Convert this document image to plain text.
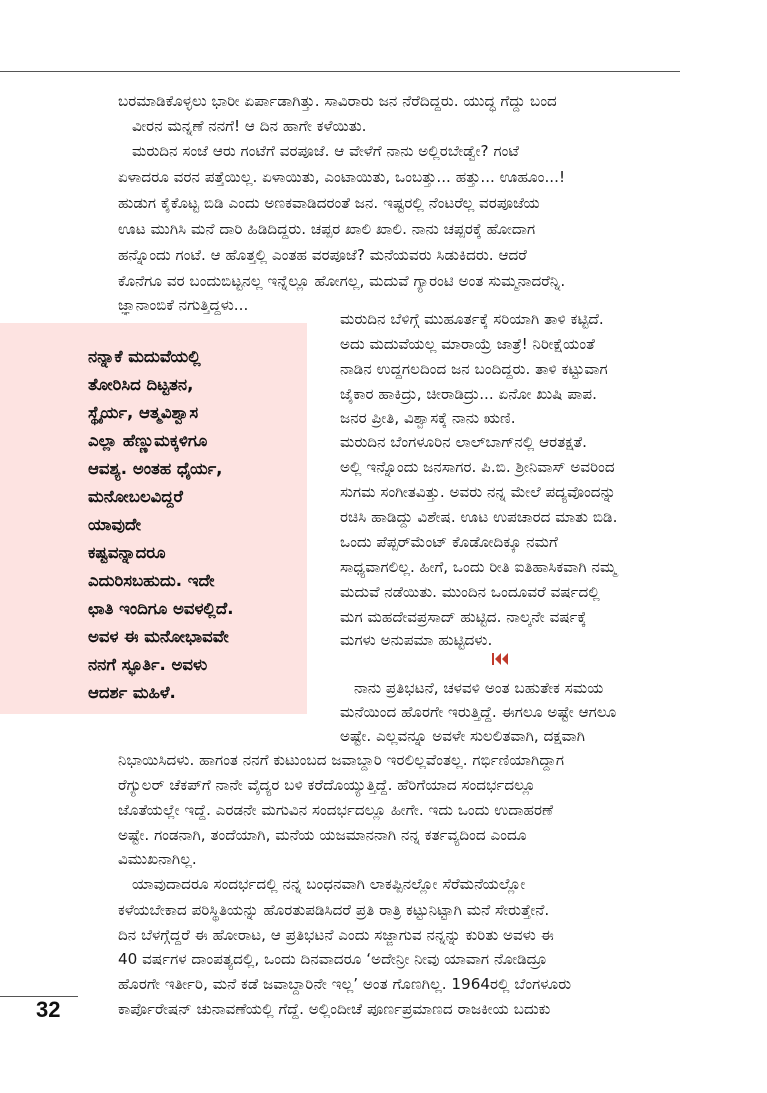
ಬರಮಾಡಿಕೊಳ್ಳಲು ಭಾರೀ ಏರ್ಪಾಡಾಗಿತ್ತು. ಸಾವಿರಾರು ಜನ ನೆರೆದಿದ್ದರು. ಯುದ್ಧ ಗೆದ್ದು ಬಂದ
ವೀರನ ಮನ್ನಣೆ ನನಗೆ! ಆ ದಿನ ಹಾಗೇ ಕಳೆಯಿತು.
ಮರುದಿನ ಸಂಜೆ ಆರು ಗಂಟೆಗೆ ವರಪೂಜೆ. ಆ ವೇಳೆಗೆ ನಾನು ಅಲ್ಲಿರಬೇಡ್ವೇ? ಗಂಟೆ
ಏಳಾದರೂ ವರನ ಪತ್ತೆಯಿಲ್ಲ. ಏಳಾಯಿತು, ಎಂಟಾಯಿತು, ಒಂಬತ್ತು... ಹತ್ತು... ಊಹೂಂ...!
ಹುಡುಗ ಕೈಕೊಟ್ಟ ಬಿಡಿ ಎಂದು ಅಣಕವಾಡಿದರಂತೆ ಜನ. ಇಷ್ಟರಲ್ಲಿ ನೆಂಟರೆಲ್ಲ ವರಪೂಜೆಯ
ಊಟ ಮುಗಿಸಿ ಮನೆ ದಾರಿ ಹಿಡಿದಿದ್ದರು. ಚಪ್ಪರ ಖಾಲಿ ಖಾಲಿ. ನಾನು ಚಪ್ಪರಕ್ಕೆ ಹೋದಾಗ
ಹನ್ನೊಂದು ಗಂಟೆ. ಆ ಹೊತ್ತಲ್ಲಿ ಎಂತಹ ವರಪೂಜೆ? ಮನೆಯವರು ಸಿಡುಕಿದರು. ಆದರೆ
ಕೊನೆಗೂ ವರ ಬಂದುಬಿಟ್ಟನಲ್ಲ ಇನ್ನೆಲ್ಲೂ ಹೋಗಲ್ಲ, ಮದುವೆ ಗ್ಯಾರಂಟಿ ಅಂತ ಸುಮ್ಮನಾದರೆನ್ನಿ.
ಜ್ಞಾನಾಂಬಿಕೆ ನಗುತ್ತಿದ್ದಳು...
ನನ್ನಾಕೆ ಮದುವೆಯಲ್ಲಿ
ತೋರಿಸಿದ ದಿಟ್ಟತನ,
ಸ್ಥೈರ್ಯ, ಆತ್ಮವಿಶ್ವಾಸ
ಎಲ್ಲಾ ಹೆಣ್ಣುಮಕ್ಕಳಿಗೂ
ಆವಶ್ಯ. ಅಂತಹ ಧೈರ್ಯ,
ಮನೋಬಲವಿದ್ದರೆ
ಯಾವುದೇ
ಕಷ್ಟವನ್ನಾದರೂ
ಎದುರಿಸಬಹುದು. ಇದೇ
ಛಾತಿ ಇಂದಿಗೂ ಅವಳಲ್ಲಿದೆ.
ಅವಳ ಈ ಮನೋಭಾವವೇ
ನನಗೆ ಸ್ಫೂರ್ತಿ. ಅವಳು
ಆದರ್ಶ ಮಹಿಳೆ.
ಮರುದಿನ ಬೆಳಿಗ್ಗೆ ಮುಹೂರ್ತಕ್ಕೆ ಸರಿಯಾಗಿ ತಾಳಿ ಕಟ್ಟಿದೆ.
ಅದು ಮದುವೆಯಲ್ಲ ಮಾರಾಯ್ರೆ ಜಾತ್ರೆ! ನಿರೀಕ್ಷೆಯಂತೆ
ನಾಡಿನ ಉದ್ದಗಲದಿಂದ ಜನ ಬಂದಿದ್ದರು. ತಾಳಿ ಕಟ್ಟುವಾಗ
ಜೈಕಾರ ಹಾಕಿದ್ರು, ಚೀರಾಡಿದ್ರು... ಏನೋ ಖುಷಿ ಪಾಪ.
ಜನರ ಪ್ರೀತಿ, ವಿಶ್ವಾಸಕ್ಕೆ ನಾನು ಋಣಿ.
ಮರುದಿನ ಬೆಂಗಳೂರಿನ ಲಾಲ್‌ಬಾಗ್‌ನಲ್ಲಿ ಆರತಕ್ಷತೆ.
ಅಲ್ಲಿ ಇನ್ನೊಂದು ಜನಸಾಗರ. ಪಿ.ಬಿ. ಶ್ರೀನಿವಾಸ್ ಅವರಿಂದ
ಸುಗಮ ಸಂಗೀತವಿತ್ತು. ಅವರು ನನ್ನ ಮೇಲೆ ಪದ್ಯವೊಂದನ್ನು
ರಚಿಸಿ ಹಾಡಿದ್ದು ವಿಶೇಷ. ಊಟ ಉಪಚಾರದ ಮಾತು ಬಿಡಿ.
ಒಂದು ಪೆಪ್ಪರ್‌ಮೆಂಟ್ ಕೊಡೋದಿಕ್ಕೂ ನಮಗೆ
ಸಾಧ್ಯವಾಗಲಿಲ್ಲ. ಹೀಗೆ, ಒಂದು ರೀತಿ ಐತಿಹಾಸಿಕವಾಗಿ ನಮ್ಮ
ಮದುವೆ ನಡೆಯಿತು. ಮುಂದಿನ ಒಂದೂವರೆ ವರ್ಷದಲ್ಲಿ
ಮಗ ಮಹದೇವಪ್ರಸಾದ್ ಹುಟ್ಟಿದ. ನಾಲ್ಕನೇ ವರ್ಷಕ್ಕೆ
ಮಗಳು ಅನುಪಮಾ ಹುಟ್ಟಿದಳು.
ನಾನು ಪ್ರತಿಭಟನೆ, ಚಳವಳಿ ಅಂತ ಬಹುತೇಕ ಸಮಯ
ಮನೆಯಿಂದ ಹೊರಗೇ ಇರುತ್ತಿದ್ದೆ. ಈಗಲೂ ಅಷ್ಟೇ ಆಗಲೂ
ಅಷ್ಟೇ. ಎಲ್ಲವನ್ನೂ ಅವಳೇ ಸುಲಲಿತವಾಗಿ, ದಕ್ಷವಾಗಿ
ನಿಭಾಯಿಸಿದಳು. ಹಾಗಂತ ನನಗೆ ಕುಟುಂಬದ ಜವಾಬ್ದಾರಿ ಇರಲಿಲ್ಲವೆಂತಲ್ಲ. ಗರ್ಭಿಣಿಯಾಗಿದ್ದಾಗ
ರೆಗ್ಯುಲರ್ ಚೆಕಪ್‌ಗೆ ನಾನೇ ವೈದ್ಯರ ಬಳಿ ಕರೆದೊಯ್ಯುತ್ತಿದ್ದೆ. ಹೆರಿಗೆಯಾದ ಸಂದರ್ಭದಲ್ಲೂ
ಜೊತೆಯಲ್ಲೇ ಇದ್ದೆ. ಎರಡನೇ ಮಗುವಿನ ಸಂದರ್ಭದಲ್ಲೂ ಹೀಗೇ. ಇದು ಒಂದು ಉದಾಹರಣೆ
ಅಷ್ಟೇ. ಗಂಡನಾಗಿ, ತಂದೆಯಾಗಿ, ಮನೆಯ ಯಜಮಾನನಾಗಿ ನನ್ನ ಕರ್ತವ್ಯದಿಂದ ಎಂದೂ
ವಿಮುಖನಾಗಿಲ್ಲ.
ಯಾವುದಾದರೂ ಸಂದರ್ಭದಲ್ಲಿ ನನ್ನ ಬಂಧನವಾಗಿ ಲಾಕಪ್ಪಿನಲ್ಲೋ ಸೆರೆಮನೆಯಲ್ಲೋ
ಕಳೆಯಬೇಕಾದ ಪರಿಸ್ಥಿತಿಯನ್ನು ಹೊರತುಪಡಿಸಿದರೆ ಪ್ರತಿ ರಾತ್ರಿ ಕಟ್ಟುನಿಟ್ಟಾಗಿ ಮನೆ ಸೇರುತ್ತೇನೆ.
ದಿನ ಬೆಳಗ್ಗೆದ್ದರೆ ಈ ಹೋರಾಟ, ಆ ಪ್ರತಿಭಟನೆ ಎಂದು ಸಜ್ಜಾಗುವ ನನ್ನನ್ನು ಕುರಿತು ಅವಳು ಈ
40 ವರ್ಷಗಳ ದಾಂಪತ್ಯದಲ್ಲಿ, ಒಂದು ದಿನವಾದರೂ ‘ಅದೇನ್ರೀ ನೀವು ಯಾವಾಗ ನೋಡಿದ್ರೂ
ಹೊರಗೇ ಇರ್ತೀರಿ, ಮನೆ ಕಡೆ ಜವಾಬ್ದಾರಿನೇ ಇಲ್ಲ’ ಅಂತ ಗೊಣಗಿಲ್ಲ. 1964ರಲ್ಲಿ ಬೆಂಗಳೂರು
ಕಾರ್ಪೊರೇಷನ್ ಚುನಾವಣೆಯಲ್ಲಿ ಗೆದ್ದೆ. ಅಲ್ಲಿಂದೀಚೆ ಪೂರ್ಣಪ್ರಮಾಣದ ರಾಜಕೀಯ ಬದುಕು
32
